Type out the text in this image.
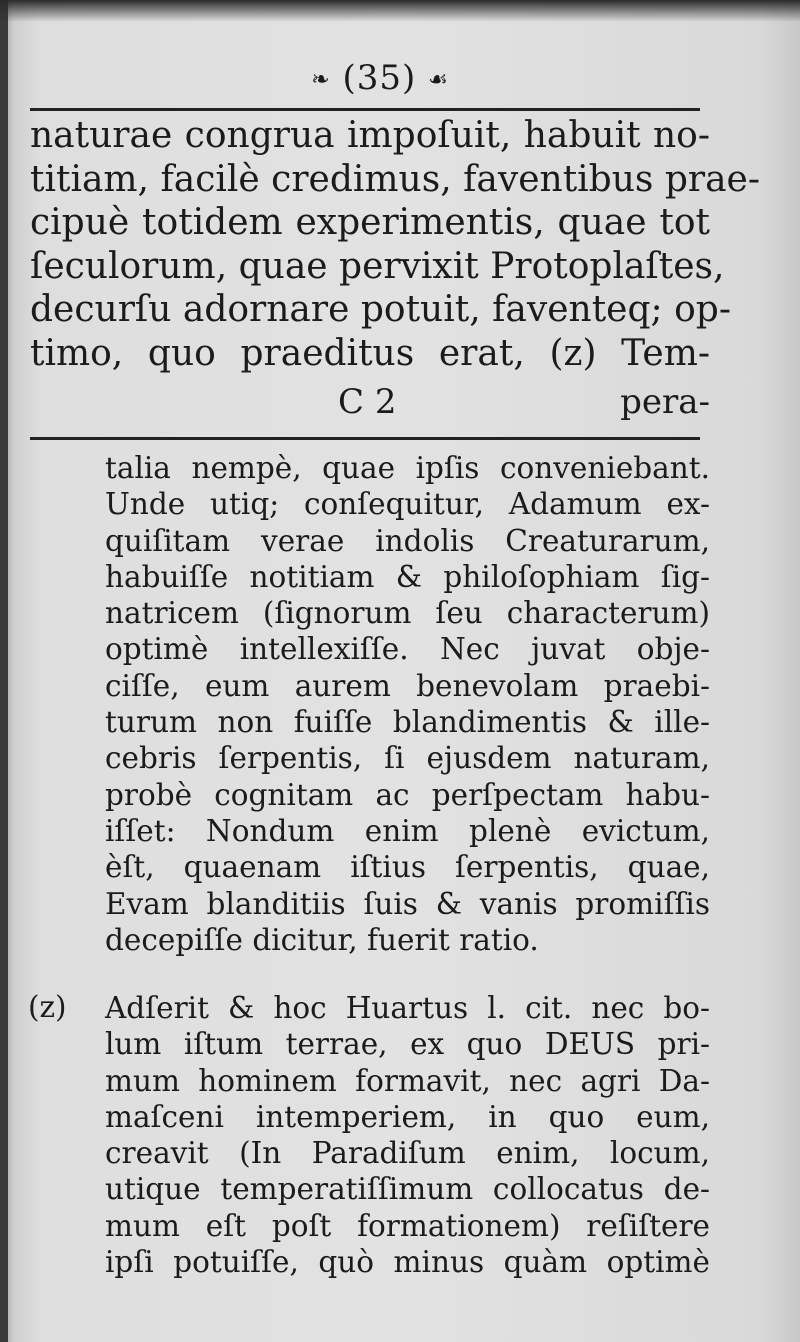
❧ (35) ☙
naturae congrua impoſuit, habuit no-
titiam, facilè credimus, faventibus prae-
cipuè totidem experimentis, quae tot
ſeculorum, quae pervixit Protoplaſtes,
decurſu adornare potuit, faventeq; op-
timo, quo praeditus erat, (z) Tem-
C 2	pera-
talia nempè, quae ipſis conveniebant.
Unde utiq; conſequitur, Adamum ex-
quiſitam verae indolis Creaturarum,
habuiſſe notitiam & philoſophiam ſig-
natricem (ſignorum ſeu characterum)
optimè intellexiſſe. Nec juvat obje-
ciſſe, eum aurem benevolam praebi-
turum non fuiſſe blandimentis & ille-
cebris ſerpentis, ſi ejusdem naturam,
probè cognitam ac perſpectam habu-
iſſet: Nondum enim plenè evictum,
èſt, quaenam iſtius ſerpentis, quae,
Evam blanditiis ſuis & vanis promiſſis
decepiſſe dicitur, fuerit ratio.
(z) Adſerit & hoc Huartus l. cit. nec bo-
lum iſtum terrae, ex quo DEUS pri-
mum hominem formavit, nec agri Da-
maſceni intemperiem, in quo eum,
creavit (In Paradiſum enim, locum,
utique temperatiſſimum collocatus de-
mum eſt poſt formationem) reſiſtere
ipſi potuiſſe, quò minus quàm optimè
